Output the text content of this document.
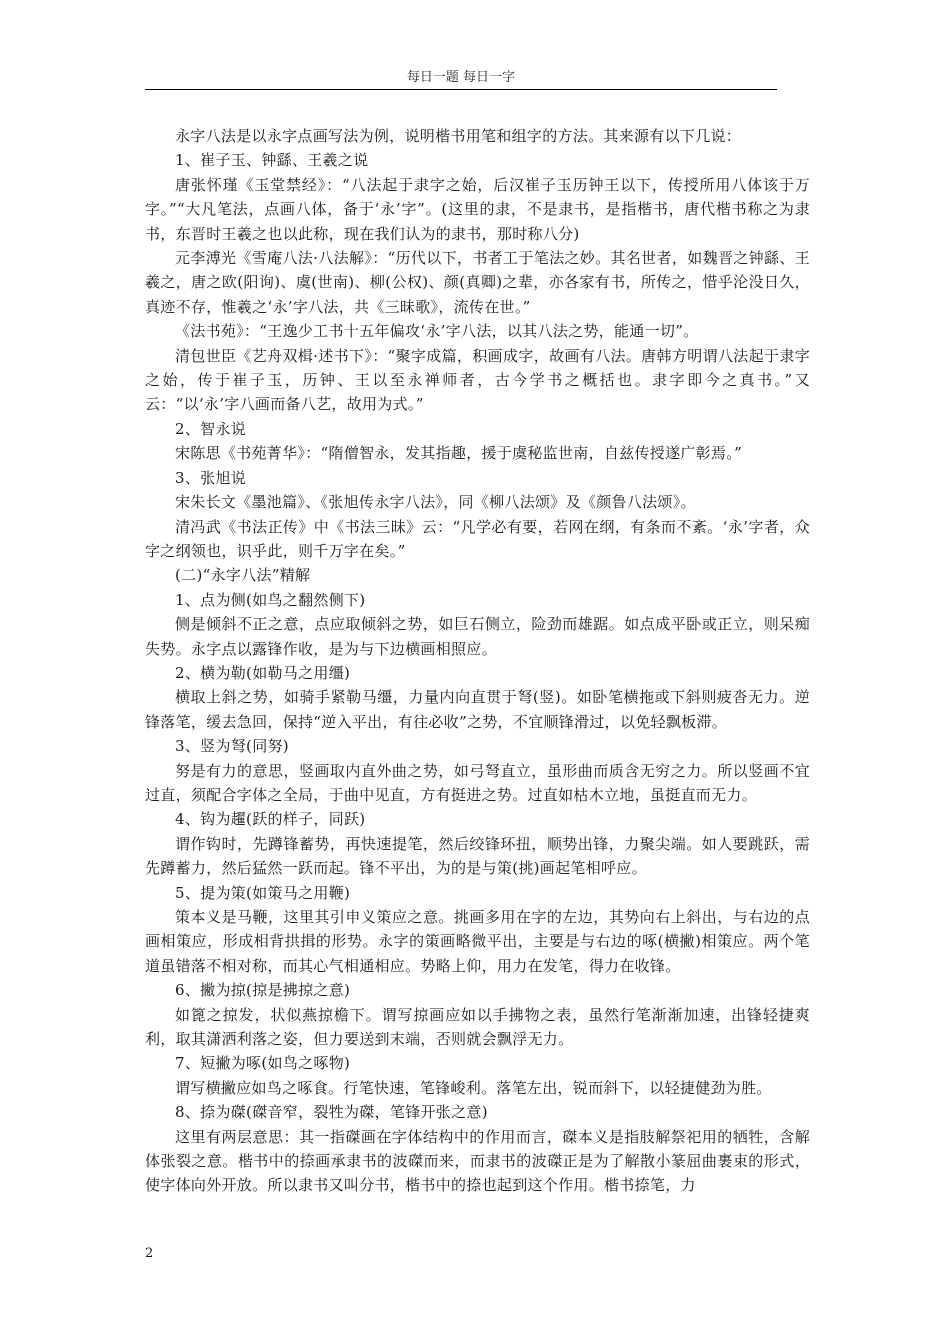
每日一题 每日一字

永字八法是以永字点画写法为例，说明楷书用笔和组字的方法。其来源有以下几说：

1、崔子玉、钟繇、王羲之说

唐张怀瑾《玉堂禁经》：“八法起于隶字之始，后汉崔子玉历钟王以下，传授所用八体该于万字。”“大凡笔法，点画八体，备于‘永’字”。(这里的隶，不是隶书，是指楷书，唐代楷书称之为隶书，东晋时王羲之也以此称，现在我们认为的隶书，那时称八分)

元李溥光《雪庵八法·八法解》：“历代以下，书者工于笔法之妙。其名世者，如魏晋之钟繇、王羲之，唐之欧(阳询)、虞(世南)、柳(公权)、颜(真卿)之辈，亦各家有书，所传之，惜乎沦没日久，真迹不存，惟羲之‘永’字八法，共《三昧歌》，流传在世。”

《法书苑》：“王逸少工书十五年偏攻‘永’字八法，以其八法之势，能通一切”。

清包世臣《艺舟双楫·述书下》：“聚字成篇，积画成字，故画有八法。唐韩方明谓八法起于隶字之始，传于崔子玉，历钟、王以至永禅师者，古今学书之概括也。隶字即今之真书。”又云：“以‘永’字八画而备八艺，故用为式。”

2、智永说

宋陈思《书苑菁华》：“隋僧智永，发其指趣，援于虞秘监世南，自兹传授遂广彰焉。”

3、张旭说

宋朱长文《墨池篇》、《张旭传永字八法》，同《柳八法颂》及《颜鲁八法颂》。

清冯武《书法正传》中《书法三昧》云：“凡学必有要，若网在纲，有条而不紊。‘永’字者，众字之纲领也，识乎此，则千万字在矣。”

(二)“永字八法”精解

1、点为侧(如鸟之翻然侧下)

侧是倾斜不正之意，点应取倾斜之势，如巨石侧立，险劲而雄踞。如点成平卧或正立，则呆痴失势。永字点以露锋作收，是为与下边横画相照应。

2、横为勒(如勒马之用缰)

横取上斜之势，如骑手紧勒马缰，力量内向直贯于弩(竖)。如卧笔横拖或下斜则疲沓无力。逆锋落笔，缓去急回，保持“逆入平出，有往必收”之势，不宜顺锋滑过，以免轻飘板滞。

3、竖为弩(同努)

努是有力的意思，竖画取内直外曲之势，如弓弩直立，虽形曲而质含无穷之力。所以竖画不宜过直，须配合字体之全局，于曲中见直，方有挺进之势。过直如枯木立地，虽挺直而无力。

4、钩为趯(跃的样子，同跃)

谓作钩时，先蹲锋蓄势，再快速提笔，然后绞锋环扭，顺势出锋，力聚尖端。如人要跳跃，需先蹲蓄力，然后猛然一跃而起。锋不平出，为的是与策(挑)画起笔相呼应。

5、提为策(如策马之用鞭)

策本义是马鞭，这里其引申义策应之意。挑画多用在字的左边，其势向右上斜出，与右边的点画相策应，形成相背拱揖的形势。永字的策画略微平出，主要是与右边的啄(横撇)相策应。两个笔道虽错落不相对称，而其心气相通相应。势略上仰，用力在发笔，得力在收锋。

6、撇为掠(掠是拂掠之意)

如篦之掠发，状似燕掠檐下。谓写掠画应如以手拂物之表，虽然行笔渐渐加速，出锋轻捷爽利，取其潇洒利落之姿，但力要送到末端，否则就会飘浮无力。

7、短撇为啄(如鸟之啄物)

谓写横撇应如鸟之啄食。行笔快速，笔锋峻利。落笔左出，锐而斜下，以轻捷健劲为胜。

8、捺为磔(磔音窄，裂牲为磔，笔锋开张之意)

这里有两层意思：其一指磔画在字体结构中的作用而言，磔本义是指肢解祭祀用的牺牲，含解体张裂之意。楷书中的捺画承隶书的波磔而来，而隶书的波磔正是为了解散小篆屈曲裹束的形式，使字体向外开放。所以隶书又叫分书，楷书中的捺也起到这个作用。楷书捺笔，力

2
